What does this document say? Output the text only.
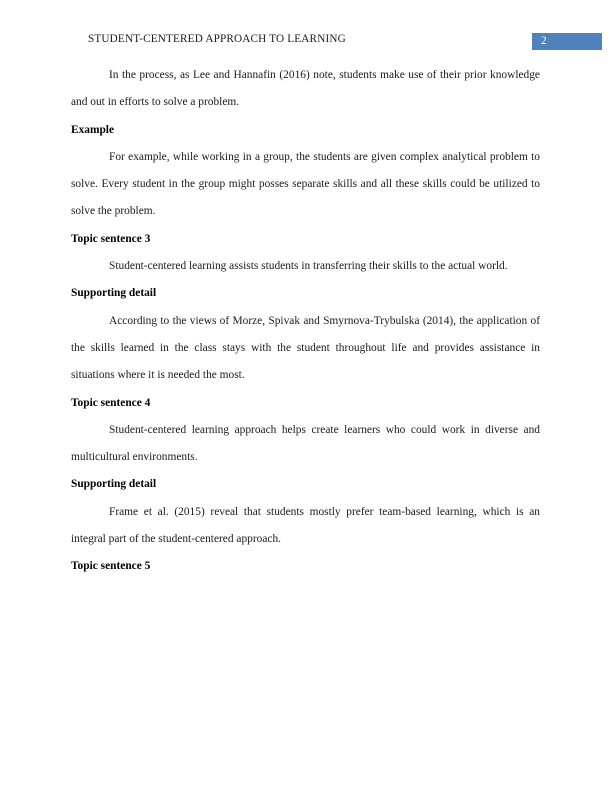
STUDENT-CENTERED APPROACH TO LEARNING	2

In the process, as Lee and Hannafin (2016) note, students make use of their prior knowledge and out in efforts to solve a problem.

Example

For example, while working in a group, the students are given complex analytical problem to solve. Every student in the group might posses separate skills and all these skills could be utilized to solve the problem.

Topic sentence 3

Student-centered learning assists students in transferring their skills to the actual world.

Supporting detail

According to the views of Morze, Spivak and Smyrnova-Trybulska (2014), the application of the skills learned in the class stays with the student throughout life and provides assistance in situations where it is needed the most.

Topic sentence 4

Student-centered learning approach helps create learners who could work in diverse and multicultural environments.

Supporting detail

Frame et al. (2015) reveal that students mostly prefer team-based learning, which is an integral part of the student-centered approach.

Topic sentence 5
